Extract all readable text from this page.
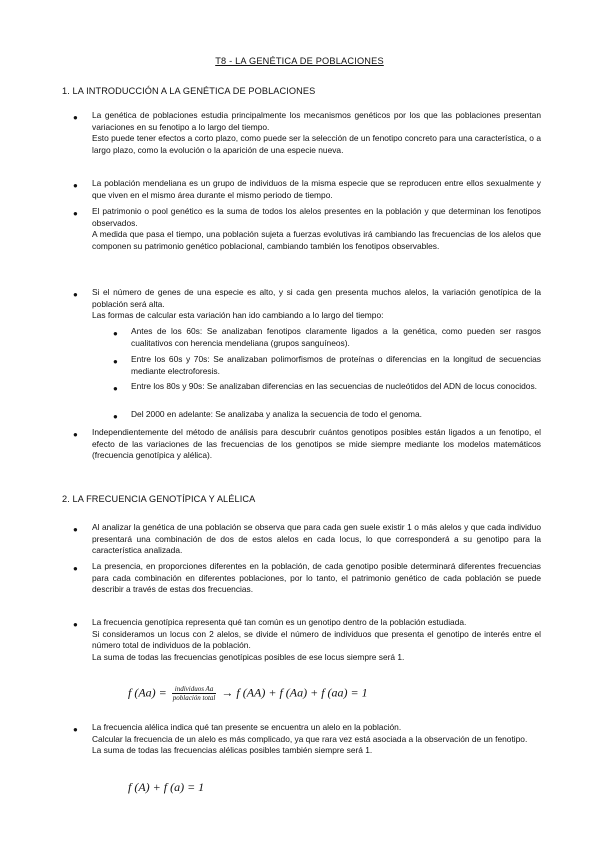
T8 - LA GENÉTICA DE POBLACIONES
1. LA INTRODUCCIÓN A LA GENÉTICA DE POBLACIONES
● La genética de poblaciones estudia principalmente los mecanismos genéticos por los que las poblaciones presentan variaciones en su fenotipo a lo largo del tiempo.

Esto puede tener efectos a corto plazo, como puede ser la selección de un fenotipo concreto para una característica, o a largo plazo, como la evolución o la aparición de una especie nueva.

● La población mendeliana es un grupo de individuos de la misma especie que se reproducen entre ellos sexualmente y que viven en el mismo área durante el mismo periodo de tiempo.

● El patrimonio o pool genético es la suma de todos los alelos presentes en la población y que determinan los fenotipos observados.

A medida que pasa el tiempo, una población sujeta a fuerzas evolutivas irá cambiando las frecuencias de los alelos que componen su patrimonio genético poblacional, cambiando también los fenotipos observables.

● Si el número de genes de una especie es alto, y si cada gen presenta muchos alelos, la variación genotípica de la población será alta.

Las formas de calcular esta variación han ido cambiando a lo largo del tiempo:

● Antes de los 60s: Se analizaban fenotipos claramente ligados a la genética, como pueden ser rasgos cualitativos con herencia mendeliana (grupos sanguíneos).
● Entre los 60s y 70s: Se analizaban polimorfismos de proteínas o diferencias en la longitud de secuencias mediante electroforesis.
● Entre los 80s y 90s: Se analizaban diferencias en las secuencias de nucleótidos del ADN de locus conocidos.
● Del 2000 en adelante: Se analizaba y analiza la secuencia de todo el genoma.
● Independientemente del método de análisis para descubrir cuántos genotipos posibles están ligados a un fenotipo, el efecto de las variaciones de las frecuencias de los genotipos se mide siempre mediante los modelos matemáticos (frecuencia genotípica y alélica).

2. LA FRECUENCIA GENOTÍPICA Y ALÉLICA
● Al analizar la genética de una población se observa que para cada gen suele existir 1 o más alelos y que cada individuo presentará una combinación de dos de estos alelos en cada locus, lo que corresponderá a su genotipo para la característica analizada.

● La presencia, en proporciones diferentes en la población, de cada genotipo posible determinará diferentes frecuencias para cada combinación en diferentes poblaciones, por lo tanto, el patrimonio genético de cada población se puede describir a través de estas dos frecuencias.

● La frecuencia genotípica representa qué tan común es un genotipo dentro de la población estudiada.

Si consideramos un locus con 2 alelos, se divide el número de individuos que presenta el genotipo de interés entre el número total de individuos de la población.

La suma de todas las frecuencias genotípicas posibles de ese locus siempre será 1.

f $(Aa) = \frac{\text{individuos Aa}}{\text{población total}} \to f$ (AA) + f (Aa) + f (aa) = 1
● La frecuencia alélica indica qué tan presente se encuentra un alelo en la población.

Calcular la frecuencia de un alelo es más complicado, ya que rara vez está asociada a la observación de un fenotipo.

La suma de todas las frecuencias alélicas posibles también siempre será 1.

f (A) + f (a) = 1
